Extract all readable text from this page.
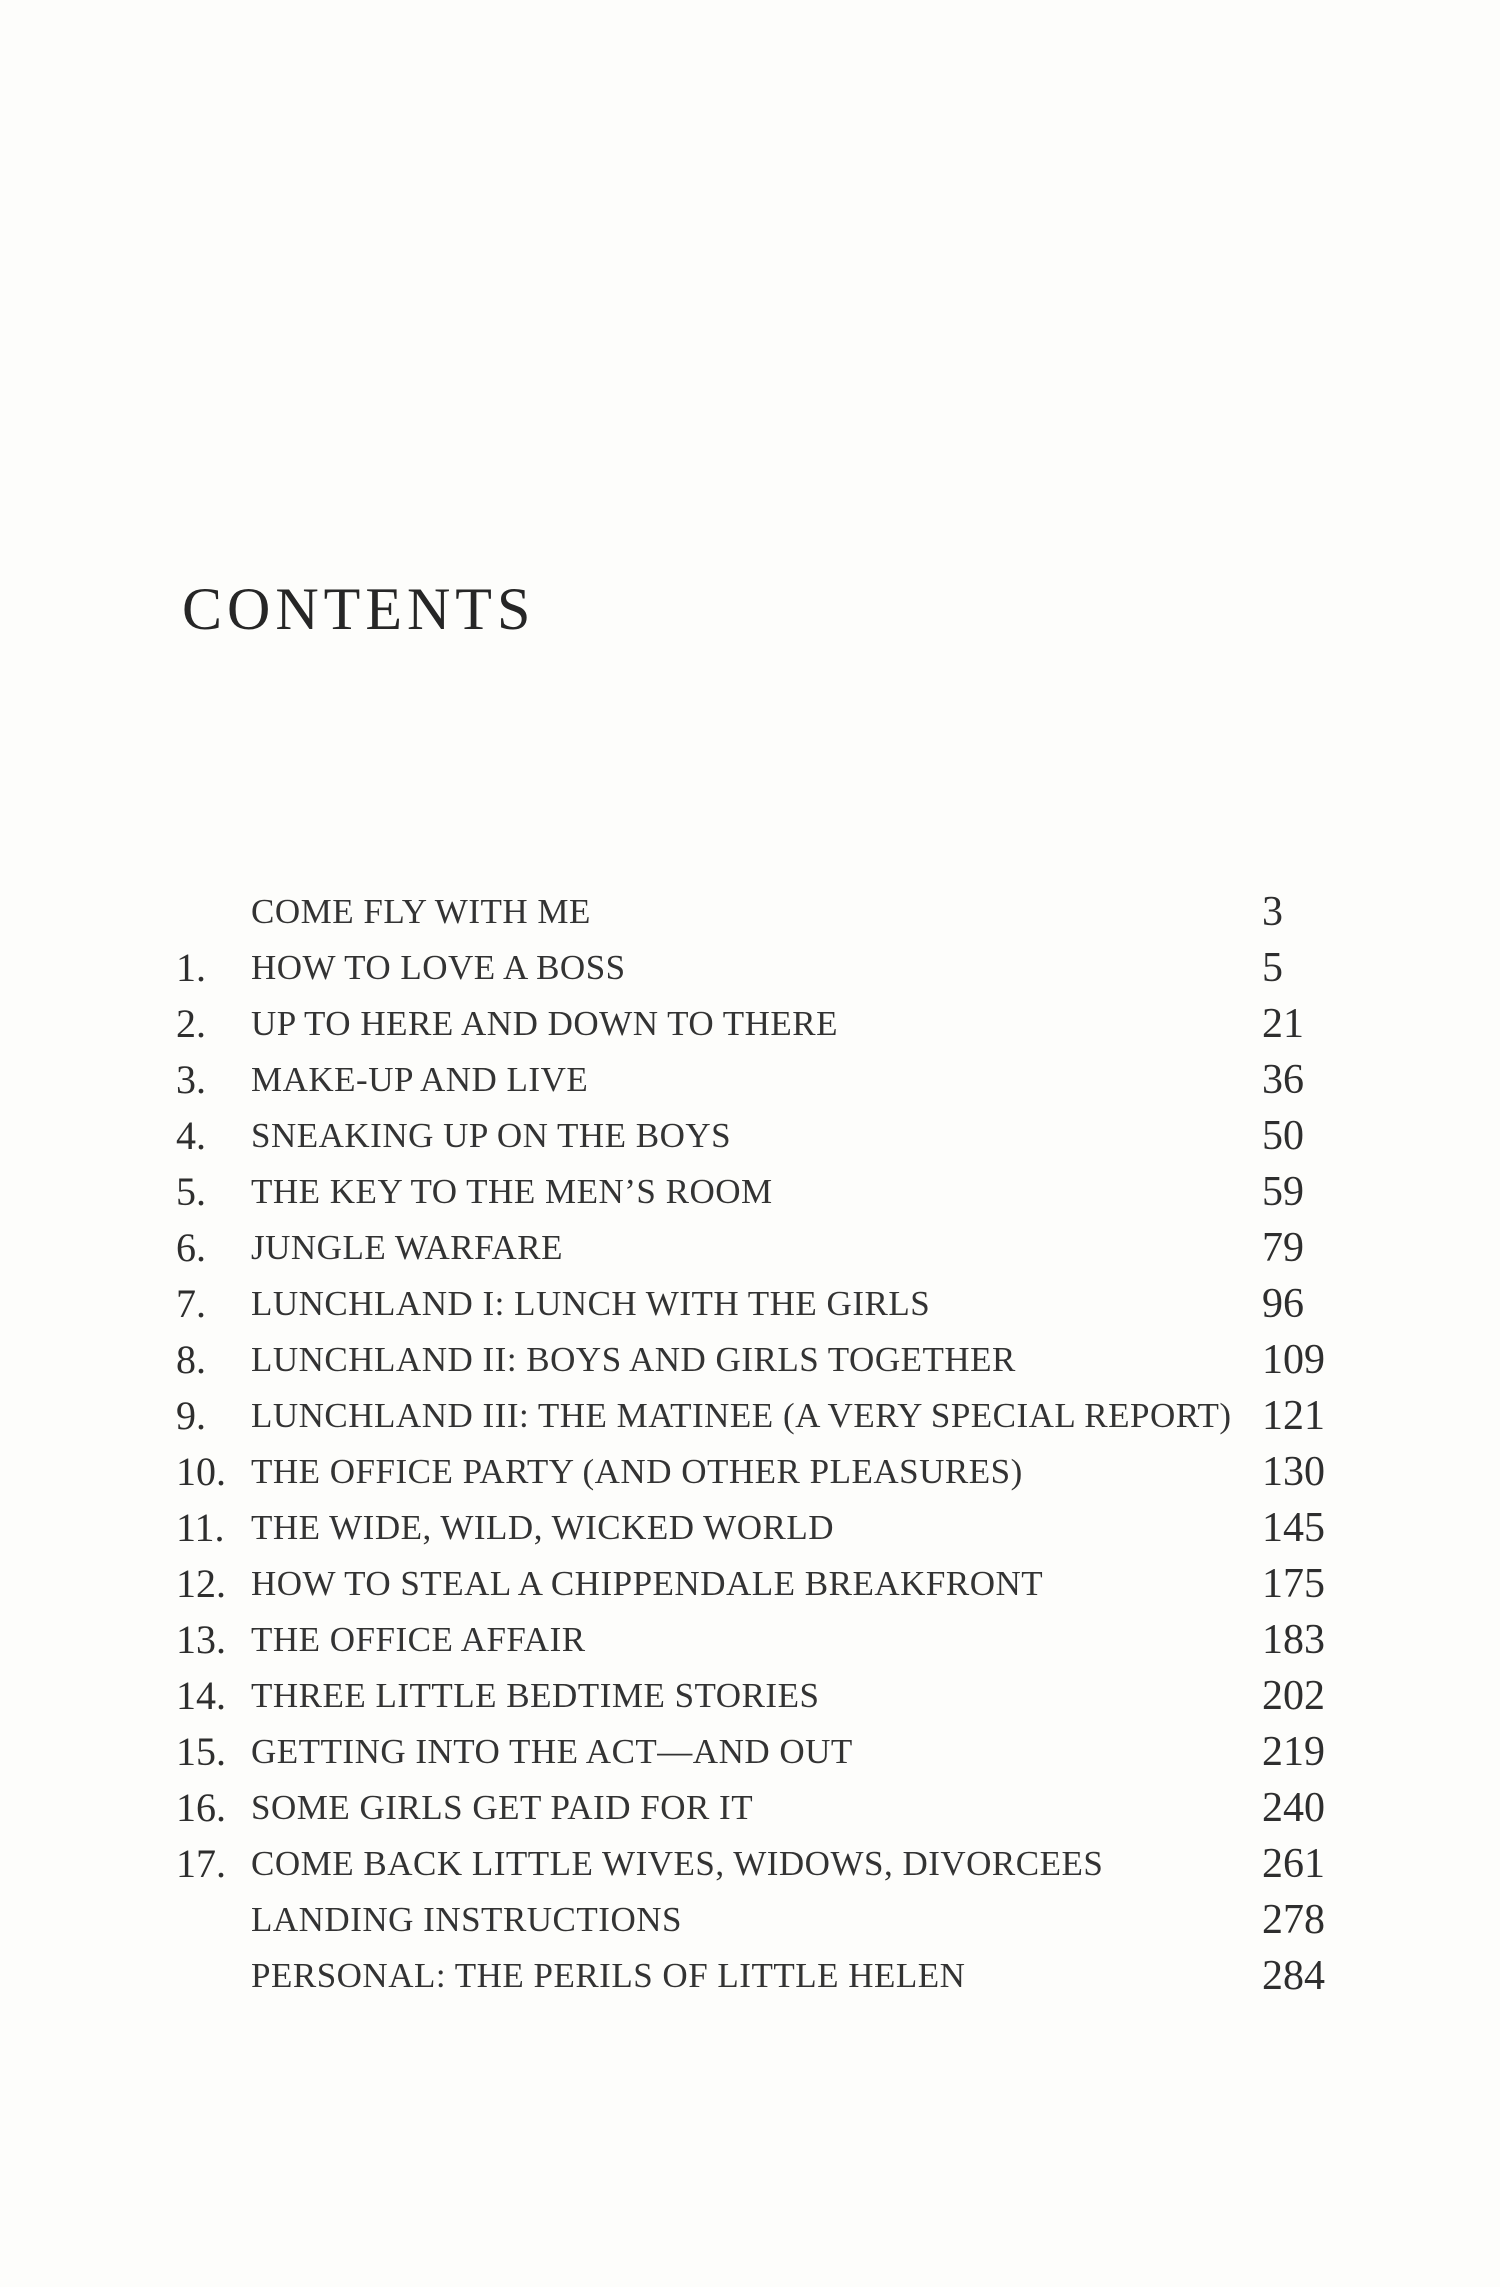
CONTENTS
COME FLY WITH ME	3
1.	HOW TO LOVE A BOSS	5
2.	UP TO HERE AND DOWN TO THERE	21
3.	MAKE-UP AND LIVE	36
4.	SNEAKING UP ON THE BOYS	50
5.	THE KEY TO THE MEN’S ROOM	59
6.	JUNGLE WARFARE	79
7.	LUNCHLAND I: LUNCH WITH THE GIRLS	96
8.	LUNCHLAND II: BOYS AND GIRLS TOGETHER	109
9.	LUNCHLAND III: THE MATINEE (A VERY SPECIAL REPORT) 121
10. THE OFFICE PARTY (AND OTHER PLEASURES)	130
11. THE WIDE, WILD, WICKED WORLD	145
12. HOW TO STEAL A CHIPPENDALE BREAKFRONT	175
13. THE OFFICE AFFAIR	183
14. THREE LITTLE BEDTIME STORIES	202
15. GETTING INTO THE ACT—AND OUT	219
16. SOME GIRLS GET PAID FOR IT	240
17. COME BACK LITTLE WIVES, WIDOWS, DIVORCEES	261
LANDING INSTRUCTIONS	278
PERSONAL: THE PERILS OF LITTLE HELEN	284
